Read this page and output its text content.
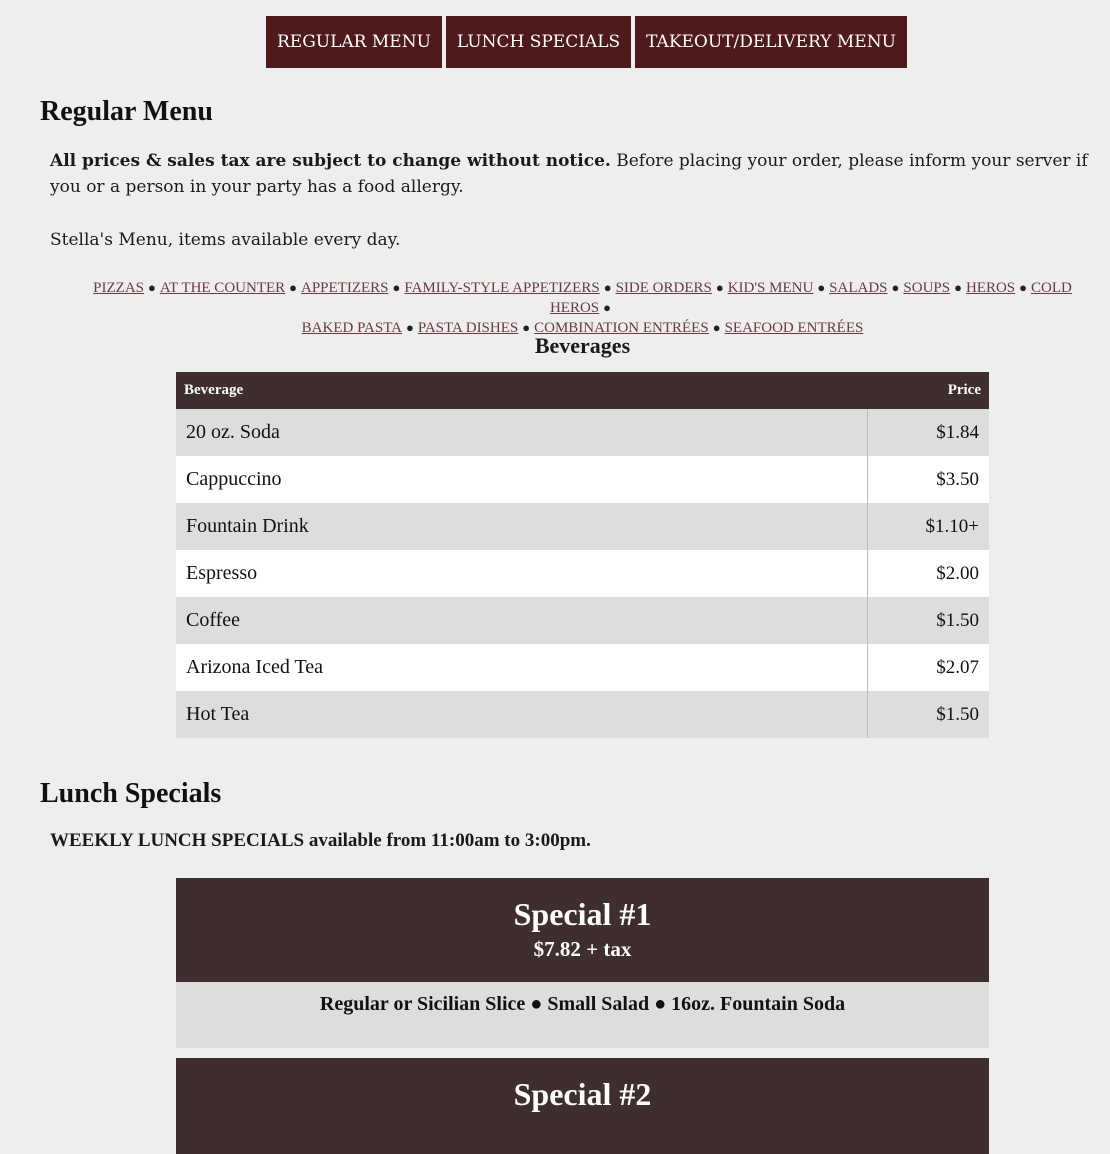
REGULAR MENU	LUNCH SPECIALS	TAKEOUT/DELIVERY MENU
Regular Menu
All prices & sales tax are subject to change without notice. Before placing your order, please inform your server if you or a person in your party has a food allergy.
Stella's Menu, items available every day.
PIZZAS ● AT THE COUNTER ● APPETIZERS ● FAMILY-STYLE APPETIZERS ● SIDE ORDERS ● KID'S MENU ● SALADS ● SOUPS ● HEROS ● COLD HEROS ●
BAKED PASTA ● PASTA DISHES ● COMBINATION ENTRÉES ● SEAFOOD ENTRÉES
Beverages
Beverage	Price
20 oz. Soda	$1.84
Cappuccino	$3.50
Fountain Drink	$1.10+
Espresso	$2.00
Coffee	$1.50
Arizona Iced Tea	$2.07
Hot Tea	$1.50
Lunch Specials
WEEKLY LUNCH SPECIALS available from 11:00am to 3:00pm.
Special #1
$7.82 + tax
Regular or Sicilian Slice ● Small Salad ● 16oz. Fountain Soda
Special #2
